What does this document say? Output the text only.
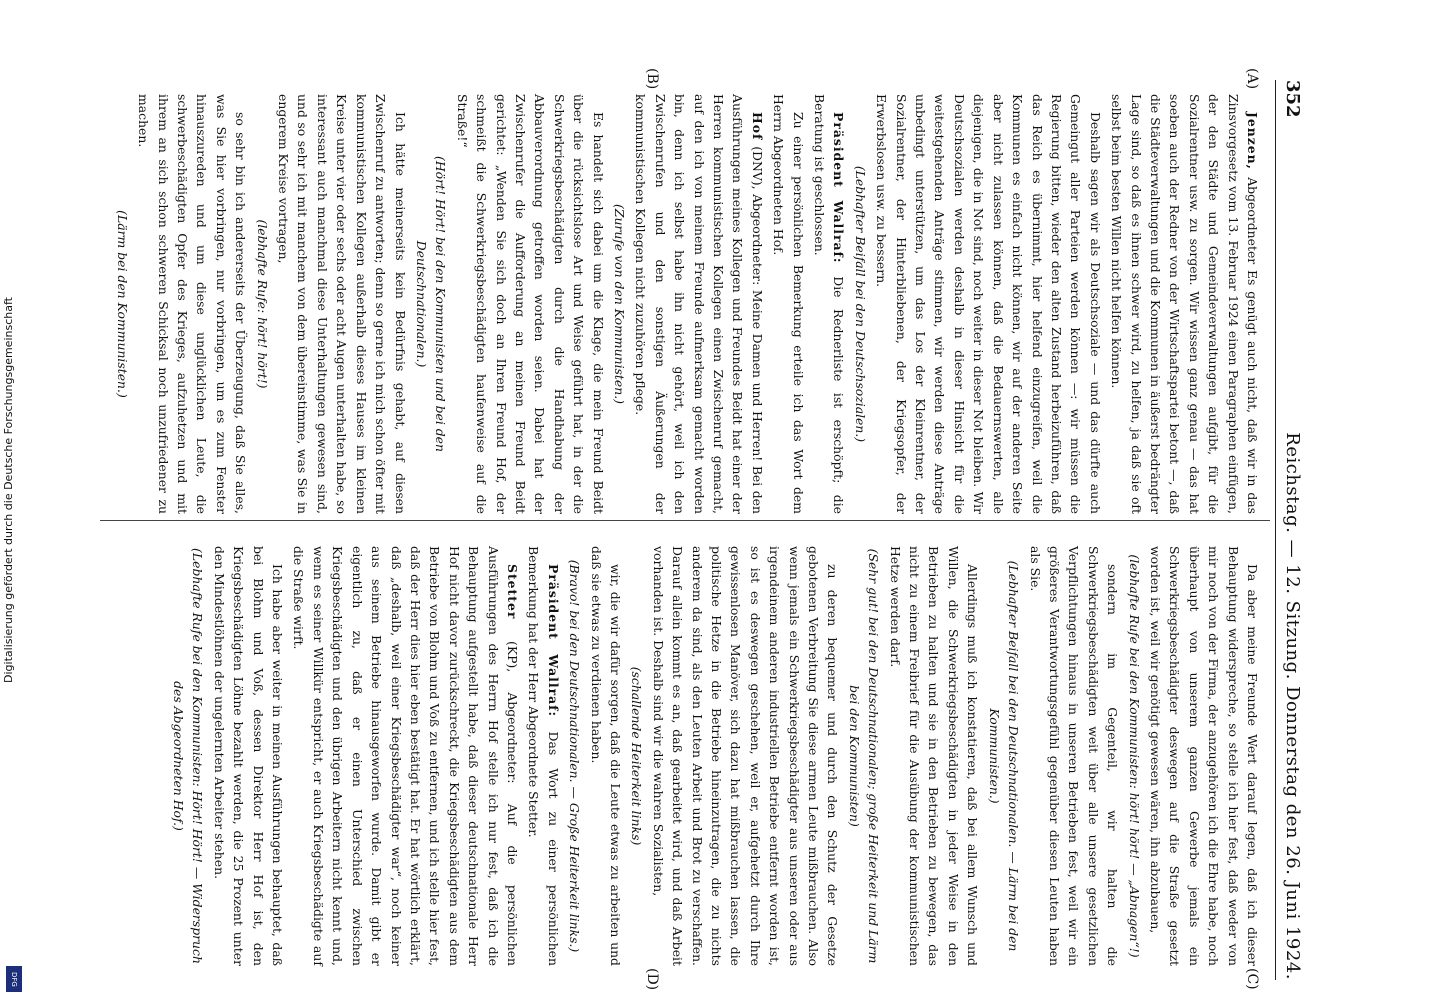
Digitalisierung gefördert durch die Deutsche Forschungsgemeinschaft
DFG
352
Reichstag. — 12. Sitzung. Donnerstag den 26. Juni 1924.
(A)
(B)
(C)
(D)

Jenzen, Abgeordneter Es genügt auch nicht, daß wir in das Zinsvorgesetz vom 13. Februar 1924 einen Paragraphen einfügen, der den Städte und Gemeindeverwaltungen aufgibt, für die Sozialrentner usw. zu sorgen. Wir wissen ganz genau — das hat soeben auch der Redner von der Wirtschaftspartei betont —, daß die Städteverwaltungen und die Kommunen in äußerst bedrängter Lage sind, so daß es ihnen schwer wird, zu helfen, ja daß sie oft selbst beim besten Willen nicht helfen können.

Deshalb sagen wir als Deutschsoziale — und das dürfte auch Gemeingut aller Parteien werden können —: wir müssen die Regierung bitten, wieder den alten Zustand herbeizuführen, daß das Reich es übernimmt, hier helfend einzugreifen, weil die Kommunen es einfach nicht können, wir auf der anderen Seite aber nicht zulassen können, daß die Bedauernswerten, alle diejenigen, die in Not sind, noch weiter in dieser Not bleiben. Wir Deutschsozialen werden deshalb in dieser Hinsicht für die weitestgehenden Anträge stimmen, wir werden diese Anträge unbedingt unterstützen, um das Los der Kleinrentner, der Sozialrentner, der Hinterbliebenen, der Kriegsopfer, der Erwerbslosen usw. zu bessern.

(Lebhafter Beifall bei den Deutschsozialen.)

Präsident Wallraf: Die Rednerliste ist erschöpft; die Beratung ist geschlossen.

Zu einer persönlichen Bemerkung erteile ich das Wort dem Herrn Abgeordneten Hof.

Hof (DNV), Abgeordneter: Meine Damen und Herren! Bei den Ausführungen meines Kollegen und Freundes Beidt hat einer der Herren kommunistischen Kollegen einen Zwischenruf gemacht, auf den ich von meinem Freunde aufmerksam gemacht worden bin, denn ich selbst habe ihn nicht gehört, weil ich den Zwischenrufen und den sonstigen Äußerungen der kommunistischen Kollegen nicht zuzuhören pflege.

(Zurufe von den Kommunisten.)

Es handelt sich dabei um die Klage, die mein Freund Beidt über die rücksichtslose Art und Weise geführt hat, in der die Schwerkriegsbeschädigten durch die Handhabung der Abbauverordnung getroffen worden seien. Dabei hat der Zwischenrufer die Aufforderung an meinen Freund Beidt gerichtet: „Wenden Sie sich doch an Ihren Freund Hof, der schmeißt die Schwerkriegsbeschädigten haufenweise auf die Straße!“

(Hört! Hört! bei den Kommunisten und bei den Deutschnationalen.)

Ich hätte meinerseits kein Bedürfnis gehabt, auf diesen Zwischenruf zu antworten; denn so gerne ich mich schon öfter mit kommunistischen Kollegen außerhalb dieses Hauses im kleinen Kreise unter vier oder sechs oder acht Augen unterhalten habe, so interessant auch manchmal diese Unterhaltungen gewesen sind, und so sehr ich mit manchem von dem übereinstimme, was Sie in engerem Kreise vortragen,

(lebhafte Rufe: hört! hört!)

so sehr bin ich andererseits der Überzeugung, daß Sie alles, was Sie hier vorbringen, nur vorbringen, um es zum Fenster hinauszureden und um diese unglücklichen Leute, die schwerbeschädigten Opfer des Krieges, aufzuhetzen und mit ihrem an sich schon schweren Schicksal noch unzufriedener zu machen.

(Lärm bei den Kommunisten.)

Da aber meine Freunde Wert darauf legen, daß ich dieser Behauptung widerspreche, so stelle ich hier fest, daß weder von mir noch von der Firma, der anzugehören ich die Ehre habe, noch überhaupt von unserem ganzen Gewerbe jemals ein Schwerkriegsbeschädigter deswegen auf die Straße gesetzt worden ist, weil wir genötigt gewesen wären, ihn abzubauen,

(lebhafte Rufe bei den Kommunisten: hört! hört! — „Abnagen“!)

sondern im Gegenteil, wir halten die Schwerkriegsbeschädigten weit über alle unsere gesetzlichen Verpflichtungen hinaus in unseren Betrieben fest, weil wir ein größeres Verantwortungsgefühl gegenüber diesen Leuten haben als Sie.

(Lebhafter Beifall bei den Deutschnationalen. — Lärm bei den Kommunisten.)

Allerdings muß ich konstatieren, daß bei allem Wunsch und Willen, die Schwerkriegsbeschädigten in jeder Weise in den Betrieben zu halten und sie in den Betrieben zu bewegen, das nicht zu einem Freibrief für die Ausübung der kommunistischen Hetze werden darf.

(Sehr gut! bei den Deutschnationalen; große Heiterkeit und Lärm bei den Kommunisten)

zu deren bequemer und durch den Schutz der Gesetze gebotenen Verbreitung Sie diese armen Leute mißbrauchen. Also wenn jemals ein Schwerkriegsbeschädigter aus unseren oder aus irgendeinem anderen industriellen Betriebe entfernt worden ist, so ist es deswegen geschehen, weil er, aufgehetzt durch Ihre gewissenlosen Manöver, sich dazu hat mißbrauchen lassen, die politische Hetze in die Betriebe hineinzutragen, die zu nichts anderem da sind, als den Leuten Arbeit und Brot zu verschaffen. Darauf allein kommt es an, daß gearbeitet wird, und daß Arbeit vorhanden ist. Deshalb sind wir die wahren Sozialisten,

(schallende Heiterkeit links)

wir, die wir dafür sorgen, daß die Leute etwas zu arbeiten und daß sie etwas zu verdienen haben.

(Bravo! bei den Deutschnationalen. — Große Heiterkeit links.)

Präsident Wallraf: Das Wort zu einer persönlichen Bemerkung hat der Herr Abgeordnete Stetter.

Stetter (KP), Abgeordneter: Auf die persönlichen Ausführungen des Herrn Hof stelle ich nur fest, daß ich die Behauptung aufgestellt habe, daß dieser deutschnationale Herr Hof nicht davor zurückschreckt, die Kriegsbeschädigten aus dem Betriebe von Blohm und Voß zu entfernen, und ich stelle hier fest, daß der Herr dies hier eben bestätigt hat. Er hat wörtlich erklärt, daß „deshalb, weil einer Kriegsbeschädigter war“, noch keiner aus seinem Betriebe hinausgeworfen wurde. Damit gibt er eigentlich zu, daß er einen Unterschied zwischen Kriegsbeschädigten und den übrigen Arbeitern nicht kennt und, wenn es seiner Willkür entspricht, er auch Kriegsbeschädigte auf die Straße wirft.

Ich habe aber weiter in meinen Ausführungen behauptet, daß bei Blohm und Voß, dessen Direktor Herr Hof ist, den Kriegsbeschädigten Löhne bezahlt werden, die 25 Prozent unter den Mindestlöhnen der ungelernten Arbeiter stehen.

(Lebhafte Rufe bei den Kommunisten: Hört! Hört! — Widerspruch des Abgeordneten Hof.)
